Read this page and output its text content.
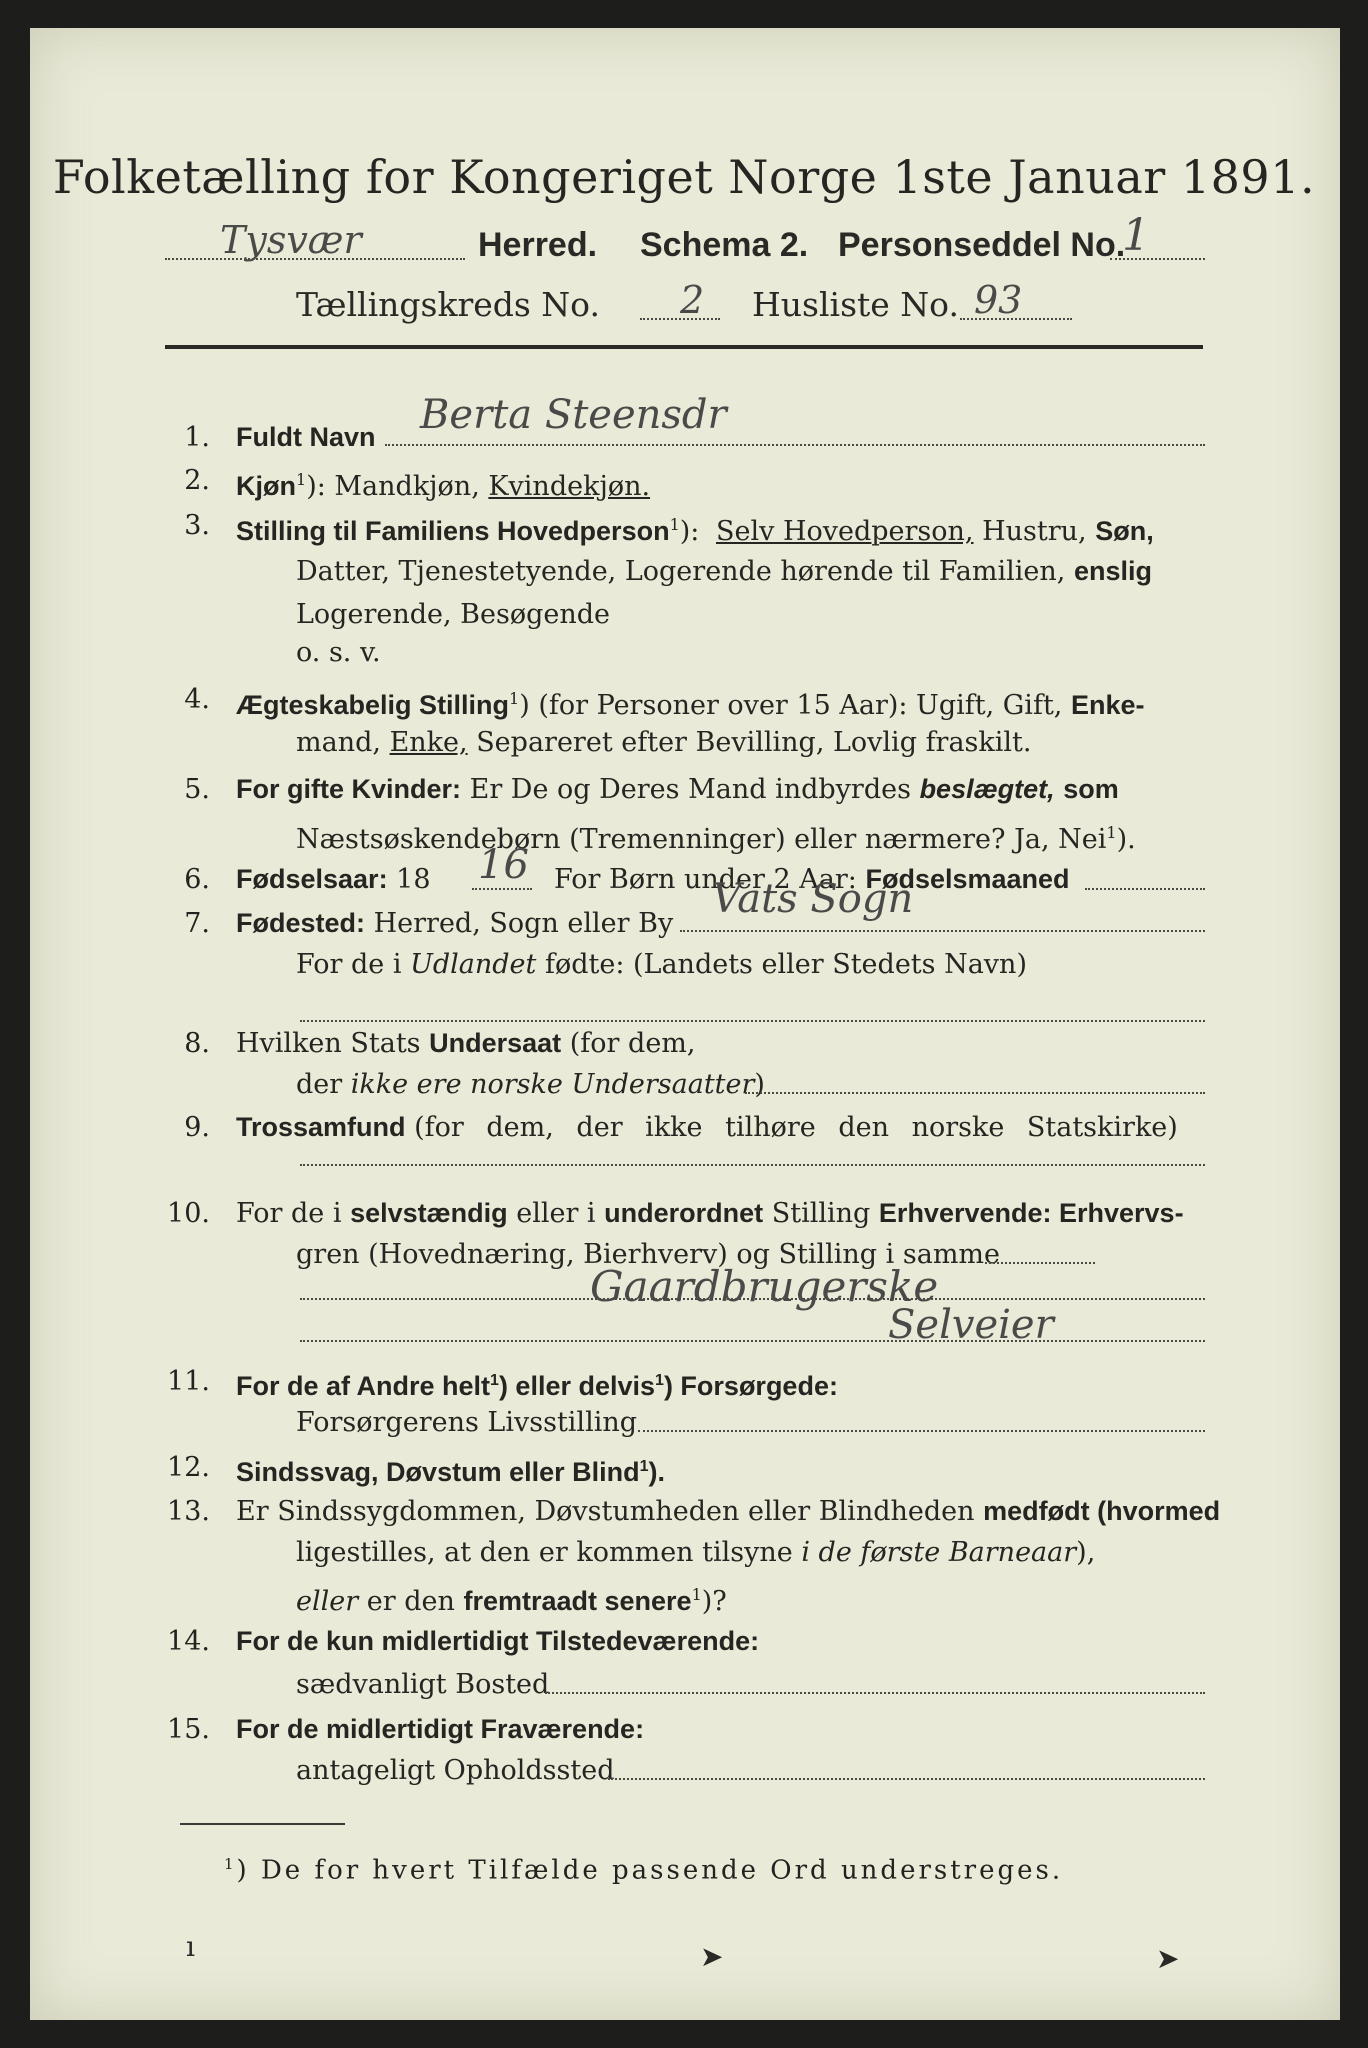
Folketælling for Kongeriget Norge 1ste Januar 1891.
Tysvær	Herred. Schema 2. Personseddel No.
1
Tællingskreds No. 2 Husliste No. 93
1. Fuldt Navn Berta Steensdr
2. Kjøn$^1$): Mandkjøn, Kvindekjøn.
3. Stilling til Familiens Hovedperson$^1$): Selv Hovedperson, Hustru, Søn,
Datter, Tjenestetyende, Logerende hørende til Familien, enslig
Logerende, Besøgende
o. s. v.
4. Ægteskabelig Stilling$^1$) (for Personer over 15 Aar): Ugift, Gift, Enke-
mand, Enke, Separeret efter Bevilling, Lovlig fraskilt.
5. For gifte Kvinder: Er De og Deres Mand indbyrdes beslægtet, som
Næstsøskendebørn (Tremenninger) eller nærmere? Ja, Nei$^1$).
6. Fødselsaar: 18 16 For Børn under 2 Aar: Fødselsmaaned
7. Fødested: Herred, Sogn eller By
Vats Sogn
For de i Udlandet fødte: (Landets eller Stedets Navn)
8. Hvilken Stats Undersaat (for dem,
der ikke ere norske Undersaatter)
9. Trossamfund (for dem, der ikke tilhøre den norske Statskirke)
10. For de i selvstændig eller i underordnet Stilling Erhvervende: Erhvervs-
gren (Hovednæring, Bierhverv) og Stilling i samme
Gaardbrugerske
Selveier
11. For de af Andre helt$^1$) eller delvis$^1$) Forsørgede:
Forsørgerens Livsstilling
12. Sindssvag, Døvstum eller Blind$^1$).
13. Er Sindssygdommen, Døvstumheden eller Blindheden medfødt (hvormed
ligestilles, at den er kommen tilsyne i de første Barneaar),
eller er den fremtraadt senere$^1$)?
14. For de kun midlertidigt Tilstedeværende:
sædvanligt Bosted
15. For de midlertidigt Fraværende:
antageligt Opholdssted
$^1$) De for hvert Tilfælde passende Ord understreges.
ı	➤	➤
